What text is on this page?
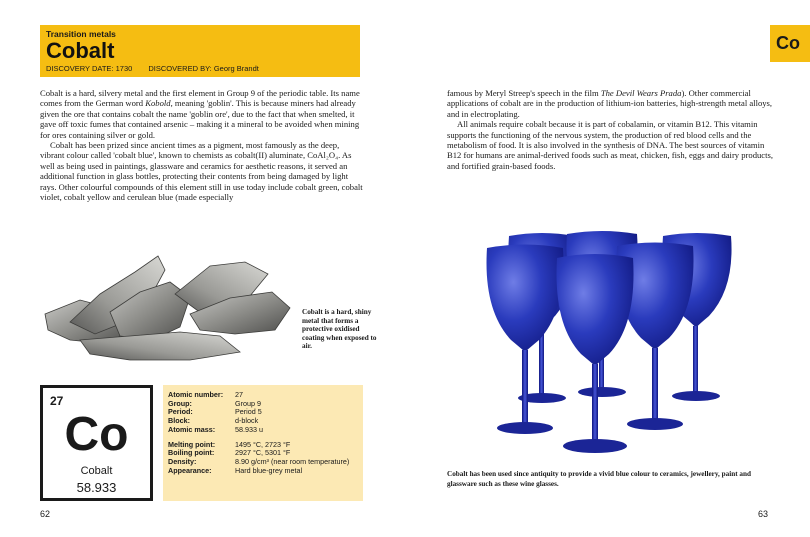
Transition metals
Cobalt
DISCOVERY DATE: 1730 DISCOVERED BY: Georg Brandt

Cobalt is a hard, silvery metal and the first element in Group 9 of the periodic table. Its name comes from the German word Kobold, meaning 'goblin'. This is because miners had already given the ore that contains cobalt the name 'goblin ore', due to the fact that when smelted, it gave off toxic fumes that contained arsenic – making it a mineral to be avoided when mining for ores containing silver or gold.

Cobalt has been prized since ancient times as a pigment, most famously as the deep, vibrant colour called 'cobalt blue', known to chemists as cobalt(II) aluminate, CoAl₂O₄. As well as being used in paintings, glassware and ceramics for aesthetic reasons, it served an additional function in glass bottles, protecting their contents from being damaged by light rays. Other colourful compounds of this element still in use today include cobalt green, cobalt violet, cobalt yellow and cerulean blue (made especially

Cobalt is a hard, shiny metal that forms a protective oxidised coating when exposed to air.
27
Co
Cobalt
58.933
Atomic number:	27
Group:	Group 9
Period:	Period 5
Block:	d-block
Atomic mass:	58.933 u
Melting point:	1495 °C, 2723 °F
Boiling point:	2927 °C, 5301 °F
Density:	8.90 g/cm³ (near room temperature)
Appearance:	Hard blue-grey metal
62
Co

famous by Meryl Streep's speech in the film The Devil Wears Prada). Other commercial applications of cobalt are in the production of lithium-ion batteries, high-strength metal alloys, and in electroplating.

All animals require cobalt because it is part of cobalamin, or vitamin B12. This vitamin supports the functioning of the nervous system, the production of red blood cells and the metabolism of food. It is also involved in the synthesis of DNA. The best sources of vitamin B12 for humans are animal-derived foods such as meat, chicken, fish, eggs and dairy products, and fortified grain-based foods.

Cobalt has been used since antiquity to provide a vivid blue colour to ceramics, jewellery, paint and glassware such as these wine glasses.
63
